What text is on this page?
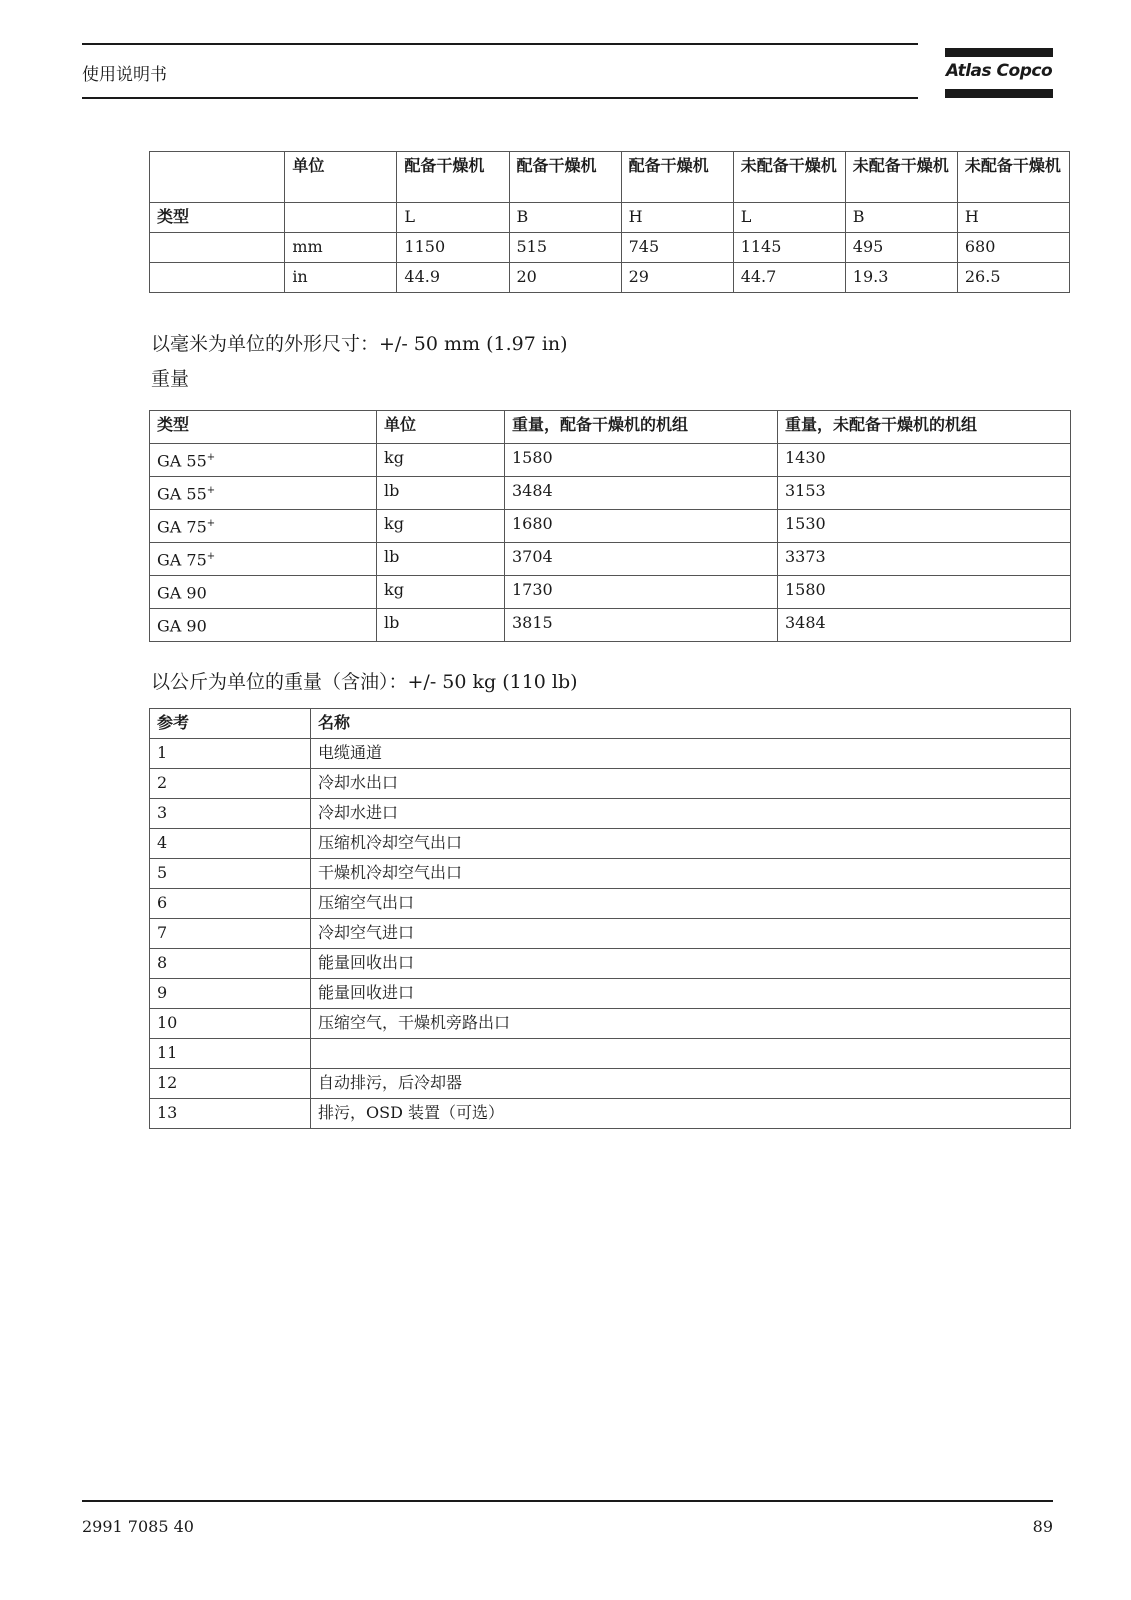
使用说明书	Atlas Copco
	单位	配备干燥机	配备干燥机	配备干燥机	未配备干燥机	未配备干燥机	未配备干燥机
类型		L	B	H	L	B	H
	mm	1150	515	745	1145	495	680
	in	44.9	20	29	44.7	19.3	26.5
以毫米为单位的外形尺寸：+/- 50 mm (1.97 in)
重量
类型	单位	重量，配备干燥机的机组	重量，未配备干燥机的机组
GA 55+	kg	1580	1430
GA 55+	lb	3484	3153
GA 75+	kg	1680	1530
GA 75+	lb	3704	3373
GA 90	kg	1730	1580
GA 90	lb	3815	3484
以公斤为单位的重量（含油）：+/- 50 kg (110 lb)
参考	名称
1	电缆通道
2	冷却水出口
3	冷却水进口
4	压缩机冷却空气出口
5	干燥机冷却空气出口
6	压缩空气出口
7	冷却空气进口
8	能量回收出口
9	能量回收进口
10	压缩空气，干燥机旁路出口
11	
12	自动排污，后冷却器
13	排污，OSD 装置（可选）
2991 7085 40	89
